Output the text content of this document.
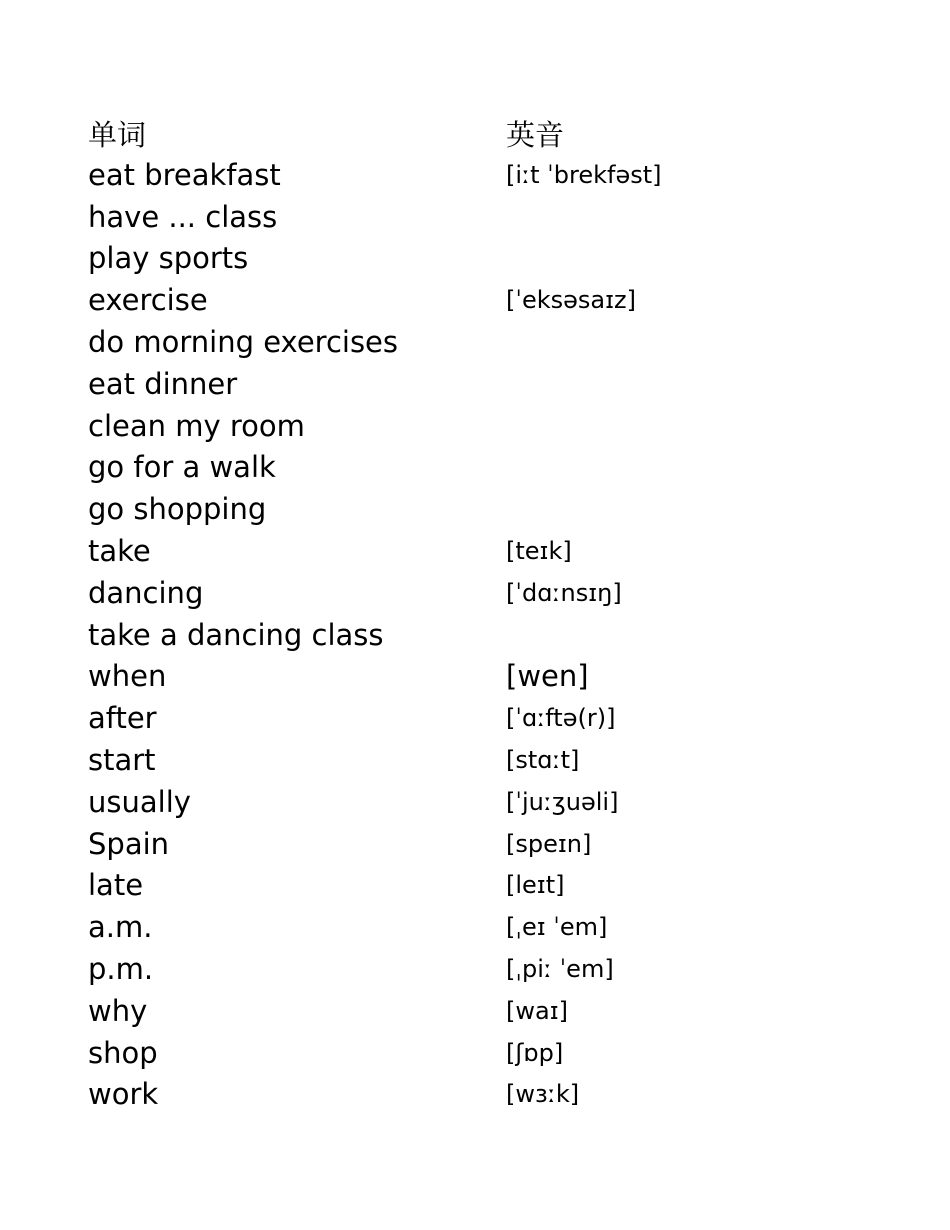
单词	英音
eat breakfast	[iːt ˈbrekfəst]
have ... class
play sports
exercise	[ˈeksəsaɪz]
do morning exercises
eat dinner
clean my room
go for a walk
go shopping
take	[teɪk]
dancing	[ˈdɑːnsɪŋ]
take a dancing class
when	[wen]
after	[ˈɑːftə(r)]
start	[stɑːt]
usually	[ˈjuːʒuəli]
Spain	[speɪn]
late	[leɪt]
a.m.	[ˌeɪ ˈem]
p.m.	[ˌpiː ˈem]
why	[waɪ]
shop	[ʃɒp]
work	[wɜːk]
